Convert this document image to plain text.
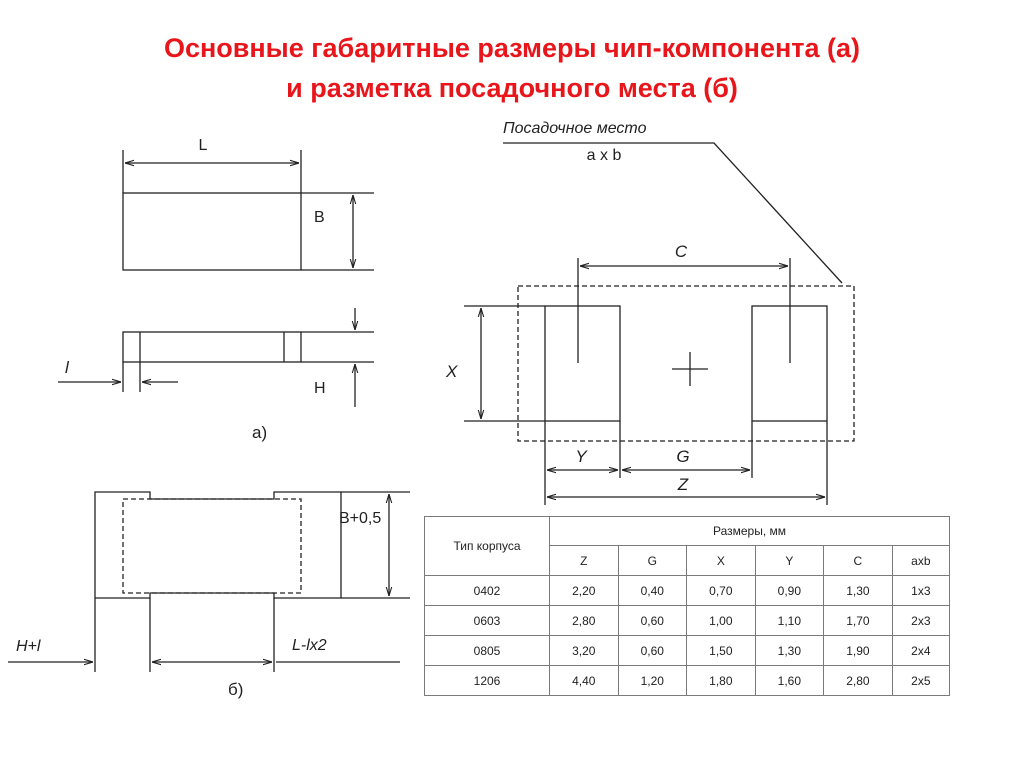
Основные габаритные размеры чип-компонента (а)
и разметка посадочного места (б)
L
B
l
H
а)
Посадочное место
a x b
C
X
Y	G
Z
B+0,5
H+l	L-lx2
б)
Тип корпуса	Размеры, мм					
	Z	G	X	Y	C	axb
0402	2,20	0,40	0,70	0,90	1,30	1x3
0603	2,80	0,60	1,00	1,10	1,70	2x3
0805	3,20	0,60	1,50	1,30	1,90	2x4
1206	4,40	1,20	1,80	1,60	2,80	2x5
